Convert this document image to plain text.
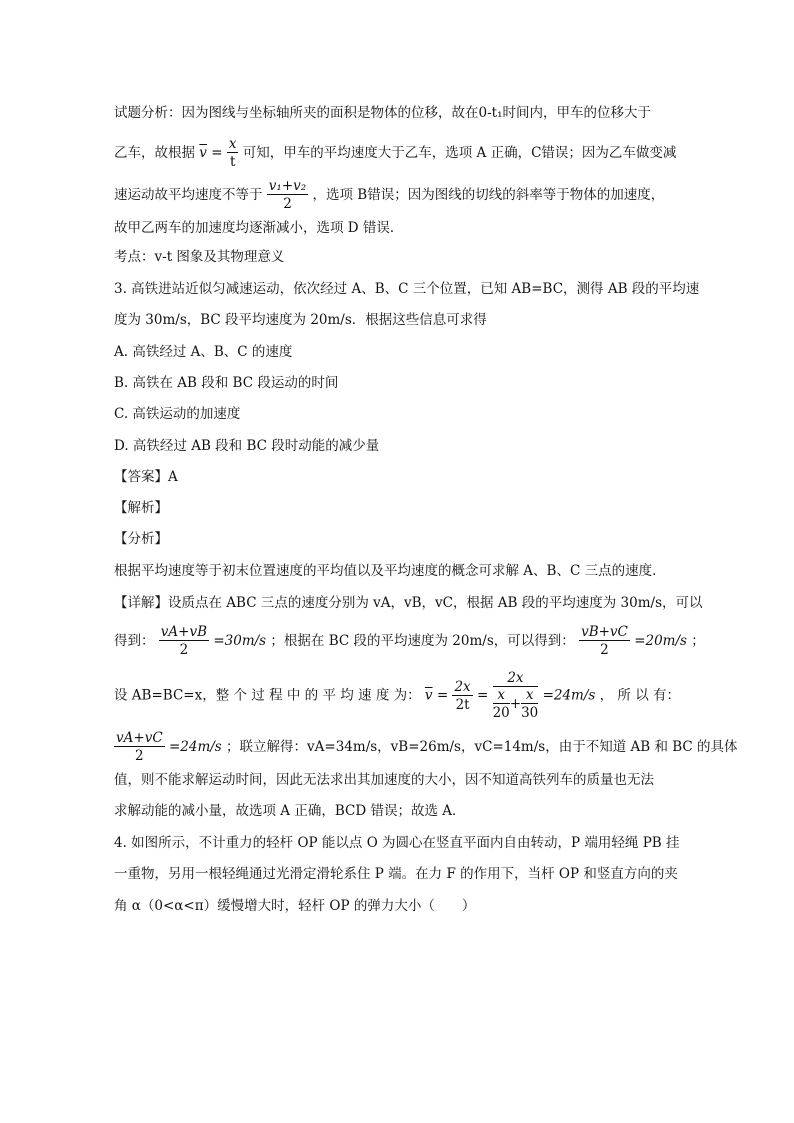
试题分析：因为图线与坐标轴所夹的面积是物体的位移，故在0-t₁时间内，甲车的位移大于
乙车，故根据 $\overline{v} = \frac{x}{t}$ 可知，甲车的平均速度大于乙车，选项 A 正确，C错误；因为乙车做变减
速运动故平均速度不等于 $\frac{\text{v₁+v₂}}{2}$ ，选项 B错误；因为图线的切线的斜率等于物体的加速度，
故甲乙两车的加速度均逐渐减小，选项 D 错误．
考点：v-t 图象及其物理意义
3. 高铁进站近似匀减速运动，依次经过 A、B、C 三个位置，已知 AB=BC，测得 AB 段的平均速
度为 30m/s，BC 段平均速度为 20m/s．根据这些信息可求得
A. 高铁经过 A、B、C 的速度
B. 高铁在 AB 段和 BC 段运动的时间
C. 高铁运动的加速度
D. 高铁经过 AB 段和 BC 段时动能的减少量
【答案】A
【解析】
【分析】
根据平均速度等于初末位置速度的平均值以及平均速度的概念可求解 A、B、C 三点的速度．
【详解】设质点在 ABC 三点的速度分别为 vA，vB，vC，根据 AB 段的平均速度为 30m/s，可以
得到： $\frac{vA+vB}{2} =30m/s$ ；根据在 BC 段的平均速度为 20m/s，可以得到： $\frac{vB+vC}{2} =20m/s$ ；
设 AB=BC=x，整 个 过 程 中 的 平 均 速 度 为： $\overline{v} = \frac{2x}{2t} = \frac{2x}{\frac{x}{20} + \frac{x}{30}} =24m/s$ ， 所 以 有：
$\frac{vA+vC}{2} =24m/s$ ；联立解得：vA=34m/s，vB=26m/s，vC=14m/s，由于不知道 AB 和 BC 的具体
值，则不能求解运动时间，因此无法求出其加速度的大小，因不知道高铁列车的质量也无法
求解动能的减小量，故选项 A 正确，BCD 错误；故选 A．
4. 如图所示，不计重力的轻杆 OP 能以点 O 为圆心在竖直平面内自由转动，P 端用轻绳 PB 挂
一重物，另用一根轻绳通过光滑定滑轮系住 P 端。在力 F 的作用下，当杆 OP 和竖直方向的夹
角 α（0<α<π）缓慢增大时，轻杆 OP 的弹力大小（　　）
